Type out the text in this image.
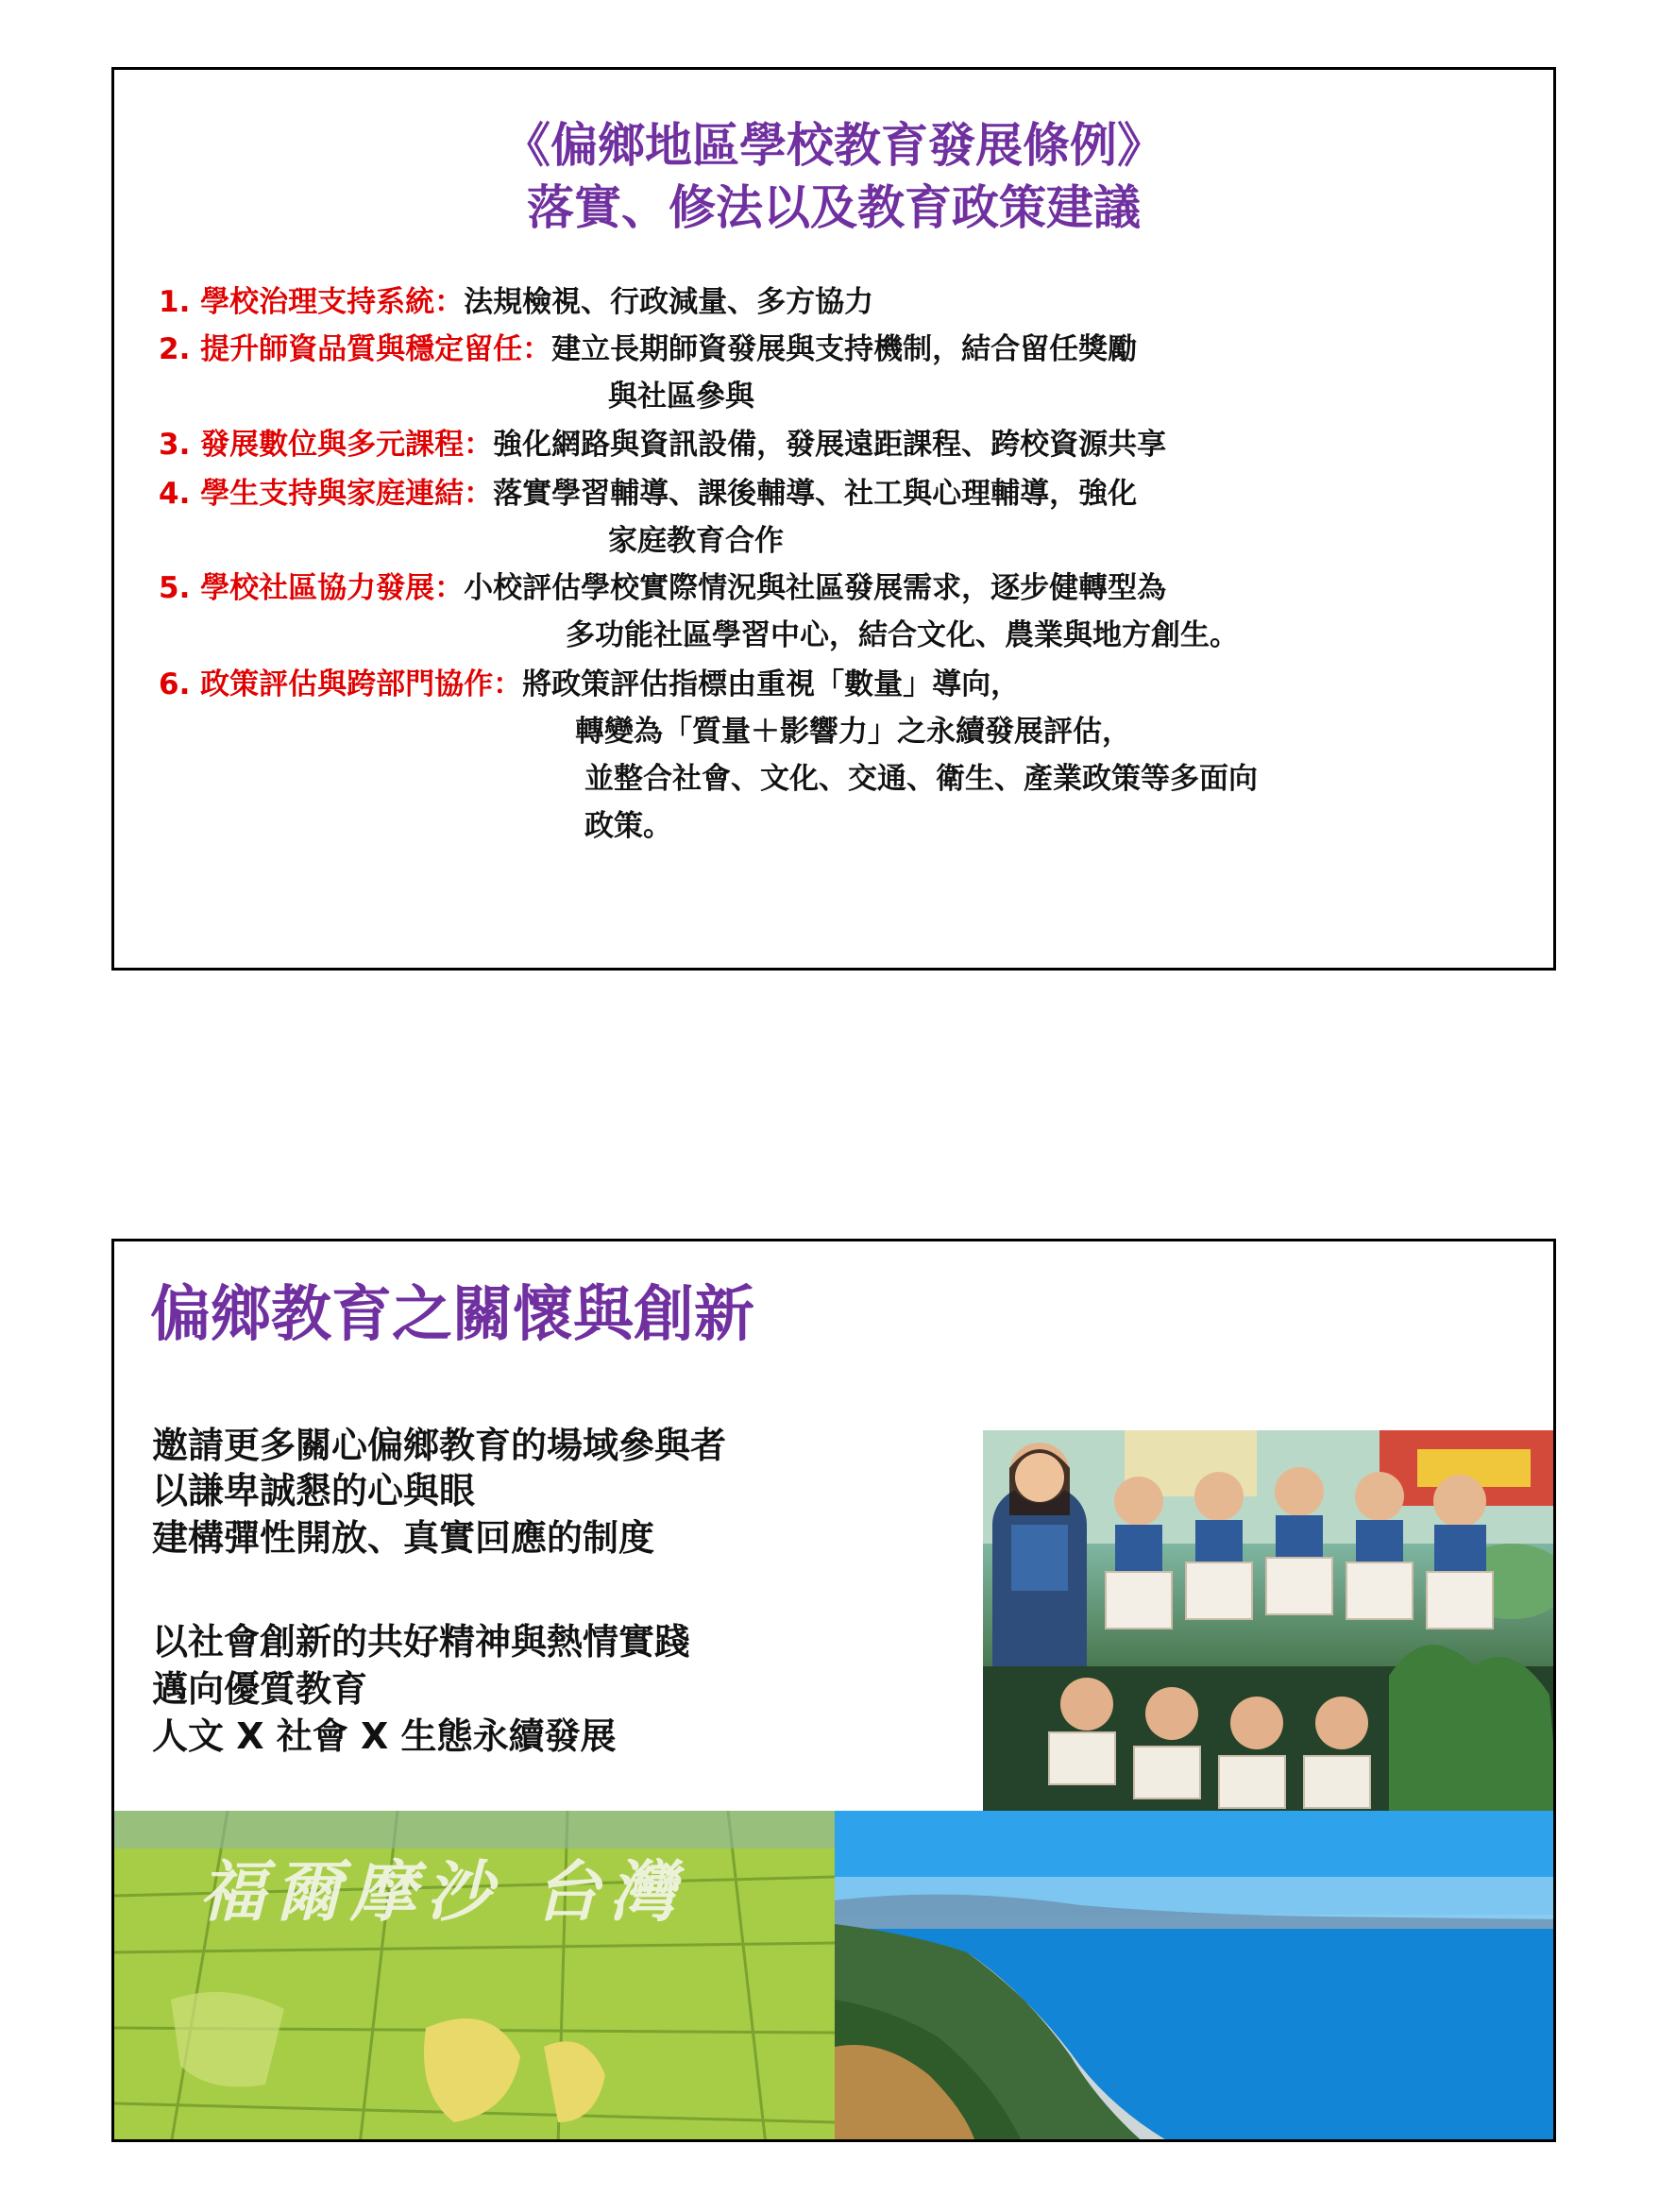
《偏鄉地區學校教育發展條例》
落實、修法以及教育政策建議
1. 學校治理支持系統：法規檢視、行政減量、多方協力
2. 提升師資品質與穩定留任：建立長期師資發展與支持機制，結合留任獎勵
與社區參與
3. 發展數位與多元課程：強化網路與資訊設備，發展遠距課程、跨校資源共享
4. 學生支持與家庭連結：落實學習輔導、課後輔導、社工與心理輔導，強化
家庭教育合作
5. 學校社區協力發展：小校評估學校實際情況與社區發展需求，逐步健轉型為
多功能社區學習中心，結合文化、農業與地方創生。
6. 政策評估與跨部門協作：將政策評估指標由重視「數量」導向，
轉變為「質量＋影響力」之永續發展評估，
並整合社會、文化、交通、衛生、產業政策等多面向
政策。
偏鄉教育之關懷與創新
邀請更多關心偏鄉教育的場域參與者
以謙卑誠懇的心與眼
建構彈性開放、真實回應的制度
以社會創新的共好精神與熱情實踐
邁向優質教育
人文 X 社會 X 生態永續發展
福爾摩沙 台灣
